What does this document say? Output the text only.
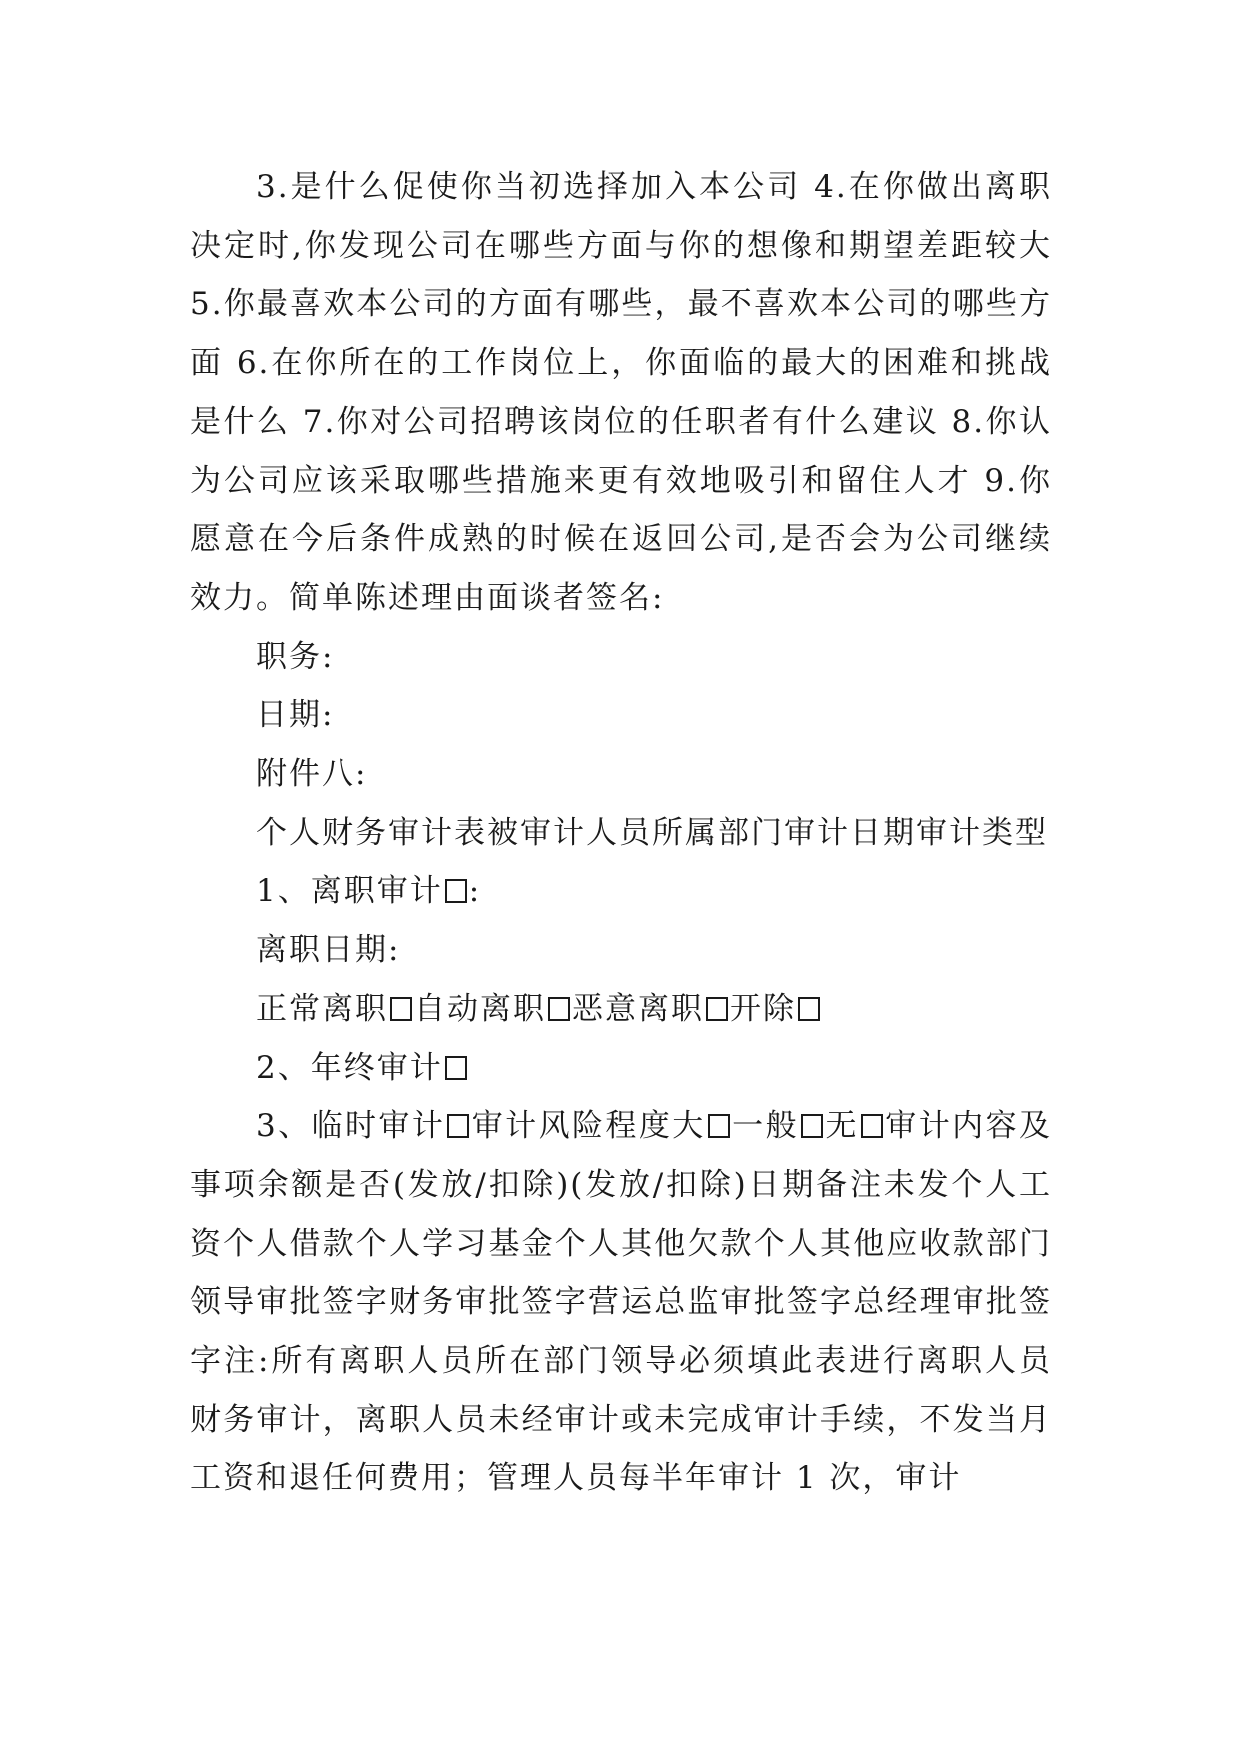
3.是什么促使你当初选择加入本公司 4.在你做出离职决定时,你发现公司在哪些方面与你的想像和期望差距较大5.你最喜欢本公司的方面有哪些，最不喜欢本公司的哪些方面 6.在你所在的工作岗位上，你面临的最大的困难和挑战是什么 7.你对公司招聘该岗位的任职者有什么建议 8.你认为公司应该采取哪些措施来更有效地吸引和留住人才 9.你愿意在今后条件成熟的时候在返回公司,是否会为公司继续效力。简单陈述理由面谈者签名:

职务:

日期:

附件八:

个人财务审计表被审计人员所属部门审计日期审计类型

1、离职审计 :

离职日期:

正常离职 自动离职 恶意离职 开除

2、年终审计

3、临时审计 审计风险程度大 一般 无 审计内容及事项余额是否(发放/扣除)(发放/扣除)日期备注未发个人工资个人借款个人学习基金个人其他欠款个人其他应收款部门领导审批签字财务审批签字营运总监审批签字总经理审批签字注:所有离职人员所在部门领导必须填此表进行离职人员财务审计，离职人员未经审计或未完成审计手续，不发当月工资和退任何费用；管理人员每半年审计 1 次，审计
